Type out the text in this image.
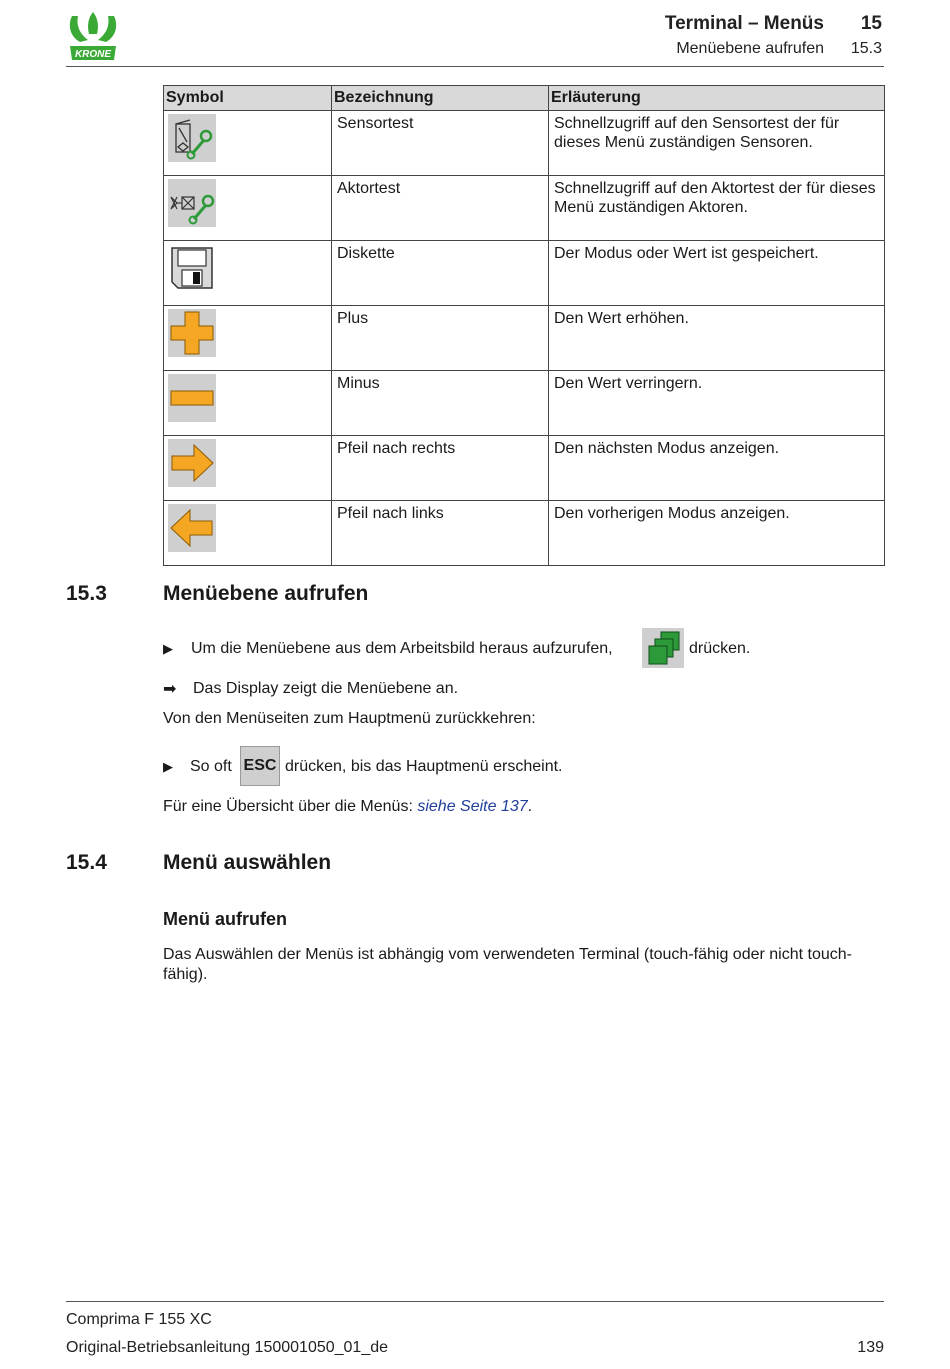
KRONE
Terminal – Menüs 15
Menüebene aufrufen 15.3
Symbol	Bezeichnung	Erläuterung

	Sensortest	Schnellzugriff auf den Sensortest der für dieses Menü zuständigen Sensoren.

	Aktortest	Schnellzugriff auf den Aktortest der für dieses Menü zuständigen Aktoren.

	Diskette	Der Modus oder Wert ist gespeichert.

	Plus	Den Wert erhöhen.

	Minus	Den Wert verringern.

	Pfeil nach rechts	Den nächsten Modus anzeigen.

	Pfeil nach links	Den vorherigen Modus anzeigen.
15.3	Menüebene aufrufen
▶ Um die Menüebene aus dem Arbeitsbild heraus aufzurufen,	drücken.
➡ Das Display zeigt die Menüebene an.
Von den Menüseiten zum Hauptmenü zurückkehren:
▶ So oft ESC drücken, bis das Hauptmenü erscheint.
Für eine Übersicht über die Menüs: siehe Seite 137.
15.4	Menü auswählen
Menü aufrufen
Das Auswählen der Menüs ist abhängig vom verwendeten Terminal (touch-fähig oder nicht touch-fähig).
Comprima F 155 XC
Original-Betriebsanleitung 150001050_01_de	139
